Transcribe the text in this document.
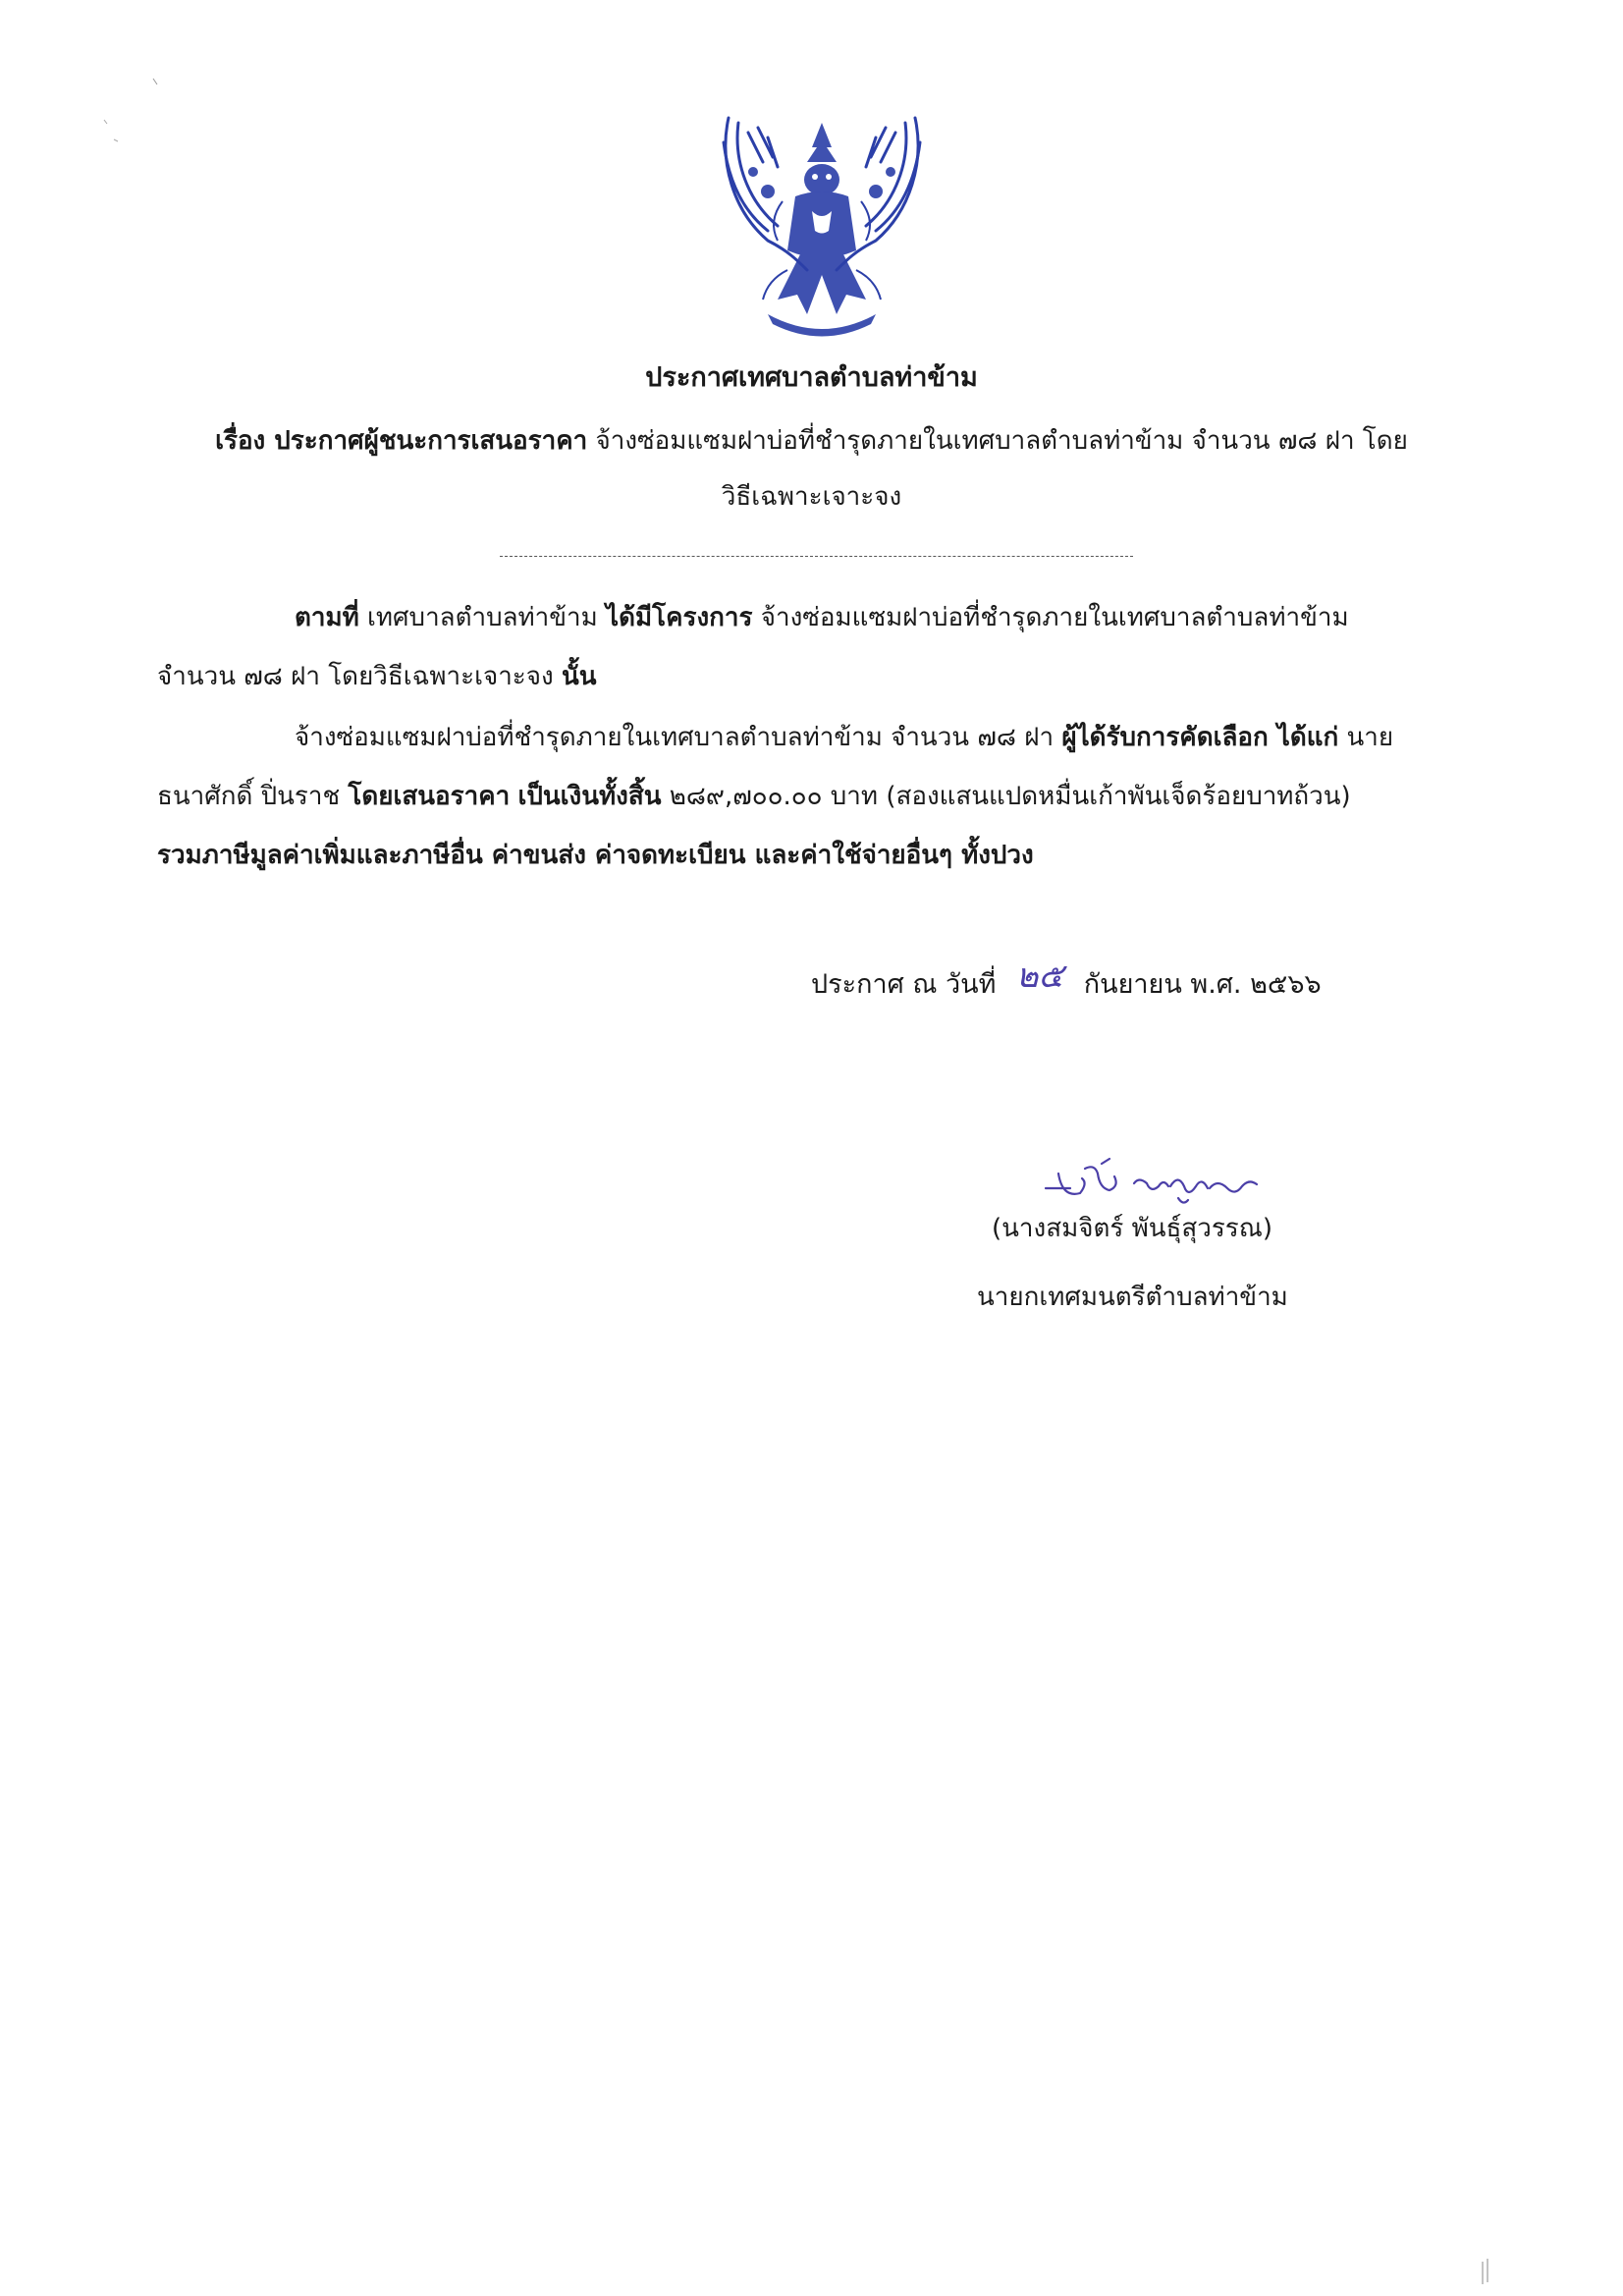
ประกาศเทศบาลตำบลท่าข้าม
เรื่อง ประกาศผู้ชนะการเสนอราคา จ้างซ่อมแซมฝาบ่อที่ชำรุดภายในเทศบาลตำบลท่าข้าม จำนวน ๗๘ ฝา โดย
วิธีเฉพาะเจาะจง
ตามที่ เทศบาลตำบลท่าข้าม ได้มีโครงการ จ้างซ่อมแซมฝาบ่อที่ชำรุดภายในเทศบาลตำบลท่าข้าม
จำนวน ๗๘ ฝา โดยวิธีเฉพาะเจาะจง นั้น
จ้างซ่อมแซมฝาบ่อที่ชำรุดภายในเทศบาลตำบลท่าข้าม จำนวน ๗๘ ฝา ผู้ได้รับการคัดเลือก ได้แก่ นาย
ธนาศักดิ์ ปิ่นราช โดยเสนอราคา เป็นเงินทั้งสิ้น ๒๘๙,๗๐๐.๐๐ บาท (สองแสนแปดหมื่นเก้าพันเจ็ดร้อยบาทถ้วน)
รวมภาษีมูลค่าเพิ่มและภาษีอื่น ค่าขนส่ง ค่าจดทะเบียน และค่าใช้จ่ายอื่นๆ ทั้งปวง
ประกาศ ณ วันที่ ๒๕ กันยายน พ.ศ. ๒๕๖๖
(นางสมจิตร์ พันธุ์สุวรรณ)
นายกเทศมนตรีตำบลท่าข้าม
